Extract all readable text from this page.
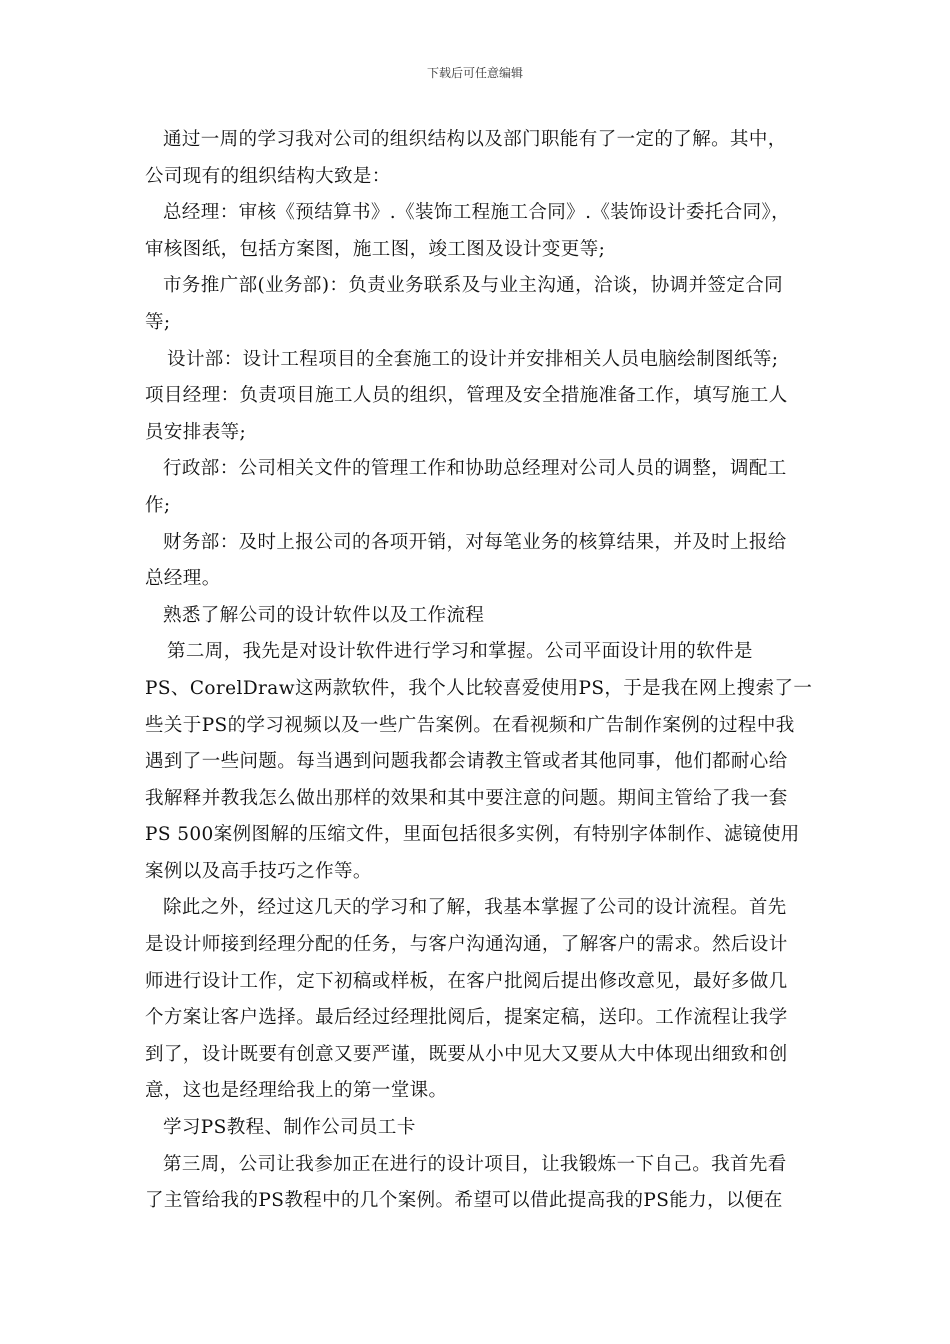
下载后可任意编辑
通过一周的学习我对公司的组织结构以及部门职能有了一定的了解。其中，
公司现有的组织结构大致是：
总经理：审核《预结算书》.《装饰工程施工合同》.《装饰设计委托合同》，
审核图纸，包括方案图，施工图，竣工图及设计变更等;
市务推广部(业务部)：负责业务联系及与业主沟通，洽谈，协调并签定合同
等;
设计部：设计工程项目的全套施工的设计并安排相关人员电脑绘制图纸等;
项目经理：负责项目施工人员的组织，管理及安全措施准备工作，填写施工人
员安排表等;
行政部：公司相关文件的管理工作和协助总经理对公司人员的调整，调配工
作;
财务部：及时上报公司的各项开销，对每笔业务的核算结果，并及时上报给
总经理。
熟悉了解公司的设计软件以及工作流程
第二周，我先是对设计软件进行学习和掌握。公司平面设计用的软件是
PS、CorelDraw这两款软件，我个人比较喜爱使用PS，于是我在网上搜索了一
些关于PS的学习视频以及一些广告案例。在看视频和广告制作案例的过程中我
遇到了一些问题。每当遇到问题我都会请教主管或者其他同事，他们都耐心给
我解释并教我怎么做出那样的效果和其中要注意的问题。期间主管给了我一套
PS 500案例图解的压缩文件，里面包括很多实例，有特别字体制作、滤镜使用
案例以及高手技巧之作等。
除此之外，经过这几天的学习和了解，我基本掌握了公司的设计流程。首先
是设计师接到经理分配的任务，与客户沟通沟通，了解客户的需求。然后设计
师进行设计工作，定下初稿或样板，在客户批阅后提出修改意见，最好多做几
个方案让客户选择。最后经过经理批阅后，提案定稿，送印。工作流程让我学
到了，设计既要有创意又要严谨，既要从小中见大又要从大中体现出细致和创
意，这也是经理给我上的第一堂课。
学习PS教程、制作公司员工卡
第三周，公司让我参加正在进行的设计项目，让我锻炼一下自己。我首先看
了主管给我的PS教程中的几个案例。希望可以借此提高我的PS能力，以便在
